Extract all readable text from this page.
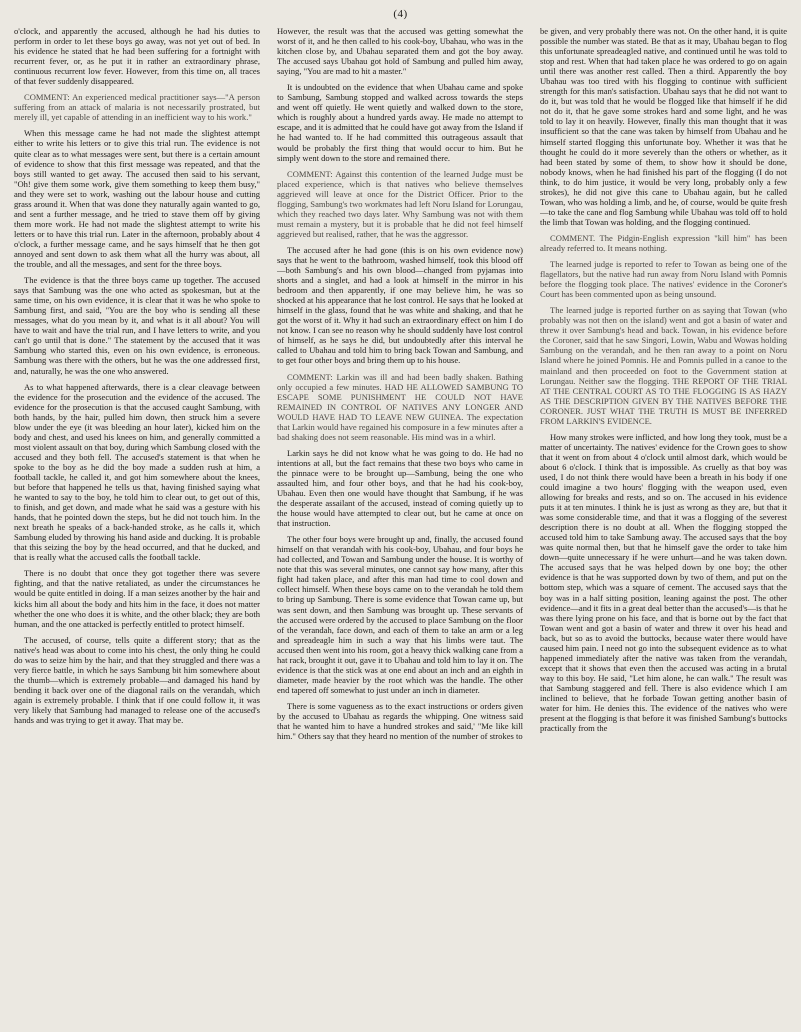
(4)

o'clock, and apparently the accused, although he had his duties to perform in order to let these boys go away, was not yet out of bed. In his evidence he stated that he had been suffering for a fortnight with recurrent fever, or, as he put it in rather an extraordinary phrase, continuous recurrent low fever. However, from this time on, all traces of that fever suddenly disappeared.

COMMENT: An experienced medical practitioner says—"A person suffering from an attack of malaria is not necessarily prostrated, but merely ill, yet capable of attending in an inefficient way to his work."

When this message came he had not made the slightest attempt either to write his letters or to give this trial run. The evidence is not quite clear as to what messages were sent, but there is a certain amount of evidence to show that this first message was repeated, and that the boys still wanted to get away. The accused then said to his servant, "Oh! give them some work, give them something to keep them busy," and they were set to work, washing out the labour house and cutting grass around it. When that was done they naturally again wanted to go, and sent a further message, and he tried to stave them off by giving them more work. He had not made the slightest attempt to write his letters or to have this trial run. Later in the afternoon, probably about 4 o'clock, a further message came, and he says himself that he then got annoyed and sent down to ask them what all the hurry was about, all the trouble, and all the messages, and sent for the three boys.

The evidence is that the three boys came up together. The accused says that Sambung was the one who acted as spokesman, but at the same time, on his own evidence, it is clear that it was he who spoke to Sambung first, and said, "You are the boy who is sending all these messages, what do you mean by it, and what is it all about? You will have to wait and have the trial run, and I have letters to write, and you can't go until that is done." The statement by the accused that it was Sambung who started this, even on his own evidence, is erroneous. Sambung was there with the others, but he was the one addressed first, and, naturally, he was the one who answered.

As to what happened afterwards, there is a clear cleavage between the evidence for the prosecution and the evidence of the accused. The evidence for the prosecution is that the accused caught Sambung, with both hands, by the hair, pulled him down, then struck him a severe blow under the eye (it was bleeding an hour later), kicked him on the body and chest, and used his knees on him, and generally committed a most violent assault on that boy, during which Sambung closed with the accused and they both fell. The accused's statement is that when he spoke to the boy as he did the boy made a sudden rush at him, a football tackle, he called it, and got him somewhere about the knees, but before that happened he tells us that, having finished saying what he wanted to say to the boy, he told him to clear out, to get out of this, to finish, and get down, and made what he said was a gesture with his hands, that he pointed down the steps, but he did not touch him. In the next breath he speaks of a back-handed stroke, as he calls it, which Sambung eluded by throwing his hand aside and ducking. It is probable that this seizing the boy by the head occurred, and that he ducked, and that is really what the accused calls the football tackle.

There is no doubt that once they got together there was severe fighting, and that the native retaliated, as under the circumstances he would be quite entitled in doing. If a man seizes another by the hair and kicks him all about the body and hits him in the face, it does not matter whether the one who does it is white, and the other black; they are both human, and the one attacked is perfectly entitled to protect himself.

The accused, of course, tells quite a different story; that as the native's head was about to come into his chest, the only thing he could do was to seize him by the hair, and that they struggled and there was a very fierce battle, in which he says Sambung bit him somewhere about the thumb—which is extremely probable—and damaged his hand by bending it back over one of the diagonal rails on the verandah, which again is extremely probable. I think that if one could follow it, it was very likely that Sambung had managed to release one of the accused's hands and was trying to get it away. That may be.

However, the result was that the accused was getting somewhat the worst of it, and he then called to his cook-boy, Ubahau, who was in the kitchen close by, and Ubahau separated them and got the boy away. The accused says Ubahau got hold of Sambung and pulled him away, saying, "You are mad to hit a master."

It is undoubted on the evidence that when Ubahau came and spoke to Sambung, Sambung stopped and walked across towards the steps and went off quietly. He went quietly and walked down to the store, which is roughly about a hundred yards away. He made no attempt to escape, and it is admitted that he could have got away from the Island if he had wanted to. If he had committed this outrageous assault that would be probably the first thing that would occur to him. But he simply went down to the store and remained there.

COMMENT: Against this contention of the learned Judge must be placed experience, which is that natives who believe themselves aggrieved will leave at once for the District Officer. Prior to the flogging, Sambung's two workmates had left Noru Island for Lorungau, which they reached two days later. Why Sambung was not with them must remain a mystery, but it is probable that he did not feel himself aggrieved but realised, rather, that he was the aggressor.

The accused after he had gone (this is on his own evidence now) says that he went to the bathroom, washed himself, took this blood off—both Sambung's and his own blood—changed from pyjamas into shorts and a singlet, and had a look at himself in the mirror in his bedroom and then apparently, if one may believe him, he was so shocked at his appearance that he lost control. He says that he looked at himself in the glass, found that he was white and shaking, and that he got the worst of it. Why it had such an extraordinary effect on him I do not know. I can see no reason why he should suddenly have lost control of himself, as he says he did, but undoubtedly after this interval he called to Ubahau and told him to bring back Towan and Sambung, and to get four other boys and bring them up to his house.

COMMENT: Larkin was ill and had been badly shaken. Bathing only occupied a few minutes. HAD HE ALLOWED SAMBUNG TO ESCAPE SOME PUNISHMENT HE COULD NOT HAVE REMAINED IN CONTROL OF NATIVES ANY LONGER AND WOULD HAVE HAD TO LEAVE NEW GUINEA. The expectation that Larkin would have regained his composure in a few minutes after a bad shaking does not seem reasonable. His mind was in a whirl.

Larkin says he did not know what he was going to do. He had no intentions at all, but the fact remains that these two boys who came in the pinnace were to be brought up—Sambung, being the one who assaulted him, and four other boys, and that he had his cook-boy, Ubahau. Even then one would have thought that Sambung, if he was the desperate assailant of the accused, instead of coming quietly up to the house would have attempted to clear out, but he came at once on that instruction.

The other four boys were brought up and, finally, the accused found himself on that verandah with his cook-boy, Ubahau, and four boys he had collected, and Towan and Sambung under the house. It is worthy of note that this was several minutes, one cannot say how many, after this fight had taken place, and after this man had time to cool down and collect himself. When these boys came on to the verandah he told them to bring up Sambung. There is some evidence that Towan came up, but was sent down, and then Sambung was brought up. These servants of the accused were ordered by the accused to place Sambung on the floor of the verandah, face down, and each of them to take an arm or a leg and spreadeagle him in such a way that his limbs were taut. The accused then went into his room, got a heavy thick walking cane from a hat rack, brought it out, gave it to Ubahau and told him to lay it on. The evidence is that the stick was at one end about an inch and an eighth in diameter, made heavier by the root which was the handle. The other end tapered off somewhat to just under an inch in diameter.

There is some vagueness as to the exact instructions or orders given by the accused to Ubahau as regards the whipping. One witness said that he wanted him to have a hundred strokes and said,' "Me like kill him." Others say that they heard no mention of the number of strokes to

be given, and very probably there was not. On the other hand, it is quite possible the number was stated. Be that as it may, Ubahau began to flog this unfortunate spreadeagled native, and continued until he was told to stop and rest. When that had taken place he was ordered to go on again until there was another rest called. Then a third. Apparently the boy Ubahau was too tired with his flogging to continue with sufficient strength for this man's satisfaction. Ubahau says that he did not want to do it, but was told that he would be flogged like that himself if he did not do it, that he gave some strokes hard and some light, and he was told to lay it on heavily. However, finally this man thought that it was insufficient so that the cane was taken by himself from Ubahau and he himself started flogging this unfortunate boy. Whether it was that he thought he could do it more severely than the others or whether, as it had been stated by some of them, to show how it should be done, nobody knows, when he had finished his part of the flogging (I do not think, to do him justice, it would be very long, probably only a few strokes), he did not give this cane to Ubahau again, but he called Towan, who was holding a limb, and he, of course, would be quite fresh—to take the cane and flog Sambung while Ubahau was told off to hold the limb that Towan was holding, and the flogging continued.

COMMENT. The Pidgin-English expression "kill him" has been already referred to. It means nothing.

The learned judge is reported to refer to Towan as being one of the flagellators, but the native had run away from Noru Island with Pomnis before the flogging took place. The natives' evidence in the Coroner's Court has been commented upon as being unsound.

The learned judge is reported further on as saying that Towan (who probably was not then on the island) went and got a basin of water and threw it over Sambung's head and back. Towan, in his evidence before the Coroner, said that he saw Singori, Lowin, Wabu and Wowas holding Sambung on the verandah, and he then ran away to a point on Noru Island where he joined Pomnis. He and Pomnis pulled in a canoe to the mainland and then proceeded on foot to the Government station at Lorungau. Neither saw the flogging. THE REPORT OF THE TRIAL AT THE CENTRAL COURT AS TO THE FLOGGING IS AS HAZY AS THE DESCRIPTION GIVEN BY THE NATIVES BEFORE THE CORONER. JUST WHAT THE TRUTH IS MUST BE INFERRED FROM LARKIN'S EVIDENCE.

How many strokes were inflicted, and how long they took, must be a matter of uncertainty. The natives' evidence for the Crown goes to show that it went on from about 4 o'clock until almost dark, which would be about 6 o'clock. I think that is impossible. As cruelly as that boy was used, I do not think there would have been a breath in his body if one could imagine a two hours' flogging with the weapon used, even allowing for breaks and rests, and so on. The accused in his evidence puts it at ten minutes. I think he is just as wrong as they are, but that it was some considerable time, and that it was a flogging of the severest description there is no doubt at all. When the flogging stopped the accused told him to take Sambung away. The accused says that the boy was quite normal then, but that he himself gave the order to take him down—quite unnecessary if he were unhurt—and he was taken down. The accused says that he was helped down by one boy; the other evidence is that he was supported down by two of them, and put on the bottom step, which was a square of cement. The accused says that the boy was in a half sitting position, leaning against the post. The other evidence—and it fits in a great deal better than the accused's—is that he was there lying prone on his face, and that is borne out by the fact that Towan went and got a basin of water and threw it over his head and back, but so as to avoid the buttocks, because water there would have caused him pain. I need not go into the subsequent evidence as to what happened immediately after the native was taken from the verandah, except that it shows that even then the accused was acting in a brutal way to this boy. He said, "Let him alone, he can walk." The result was that Sambung staggered and fell. There is also evidence which I am inclined to believe, that he forbade Towan getting another basin of water for him. He denies this. The evidence of the natives who were present at the flogging is that before it was finished Sambung's buttocks practically from the
